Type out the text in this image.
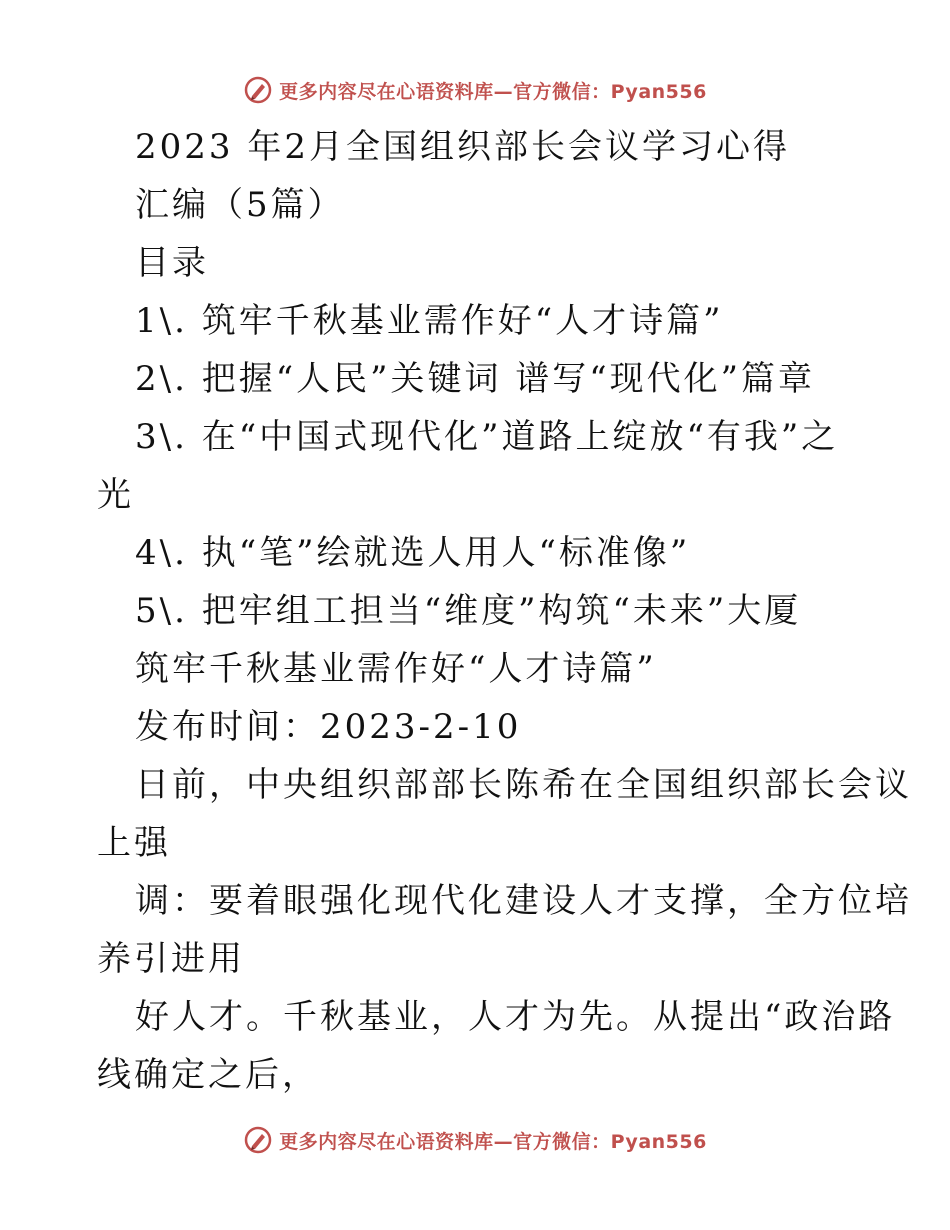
更多内容尽在心语资料库—官方微信：Pyan556
2023 年2月全国组织部长会议学习心得
汇编（5篇）
目录
1\. 筑牢千秋基业需作好“人才诗篇”
2\. 把握“人民”关键词 谱写“现代化”篇章
3\. 在“中国式现代化”道路上绽放“有我”之
光
4\. 执“笔”绘就选人用人“标准像”
5\. 把牢组工担当“维度”构筑“未来”大厦
筑牢千秋基业需作好“人才诗篇”
发布时间：2023-2-10
日前，中央组织部部长陈希在全国组织部长会议
上强
调：要着眼强化现代化建设人才支撑，全方位培
养引进用
好人才。千秋基业，人才为先。从提出“政治路
线确定之后，
更多内容尽在心语资料库—官方微信：Pyan556
